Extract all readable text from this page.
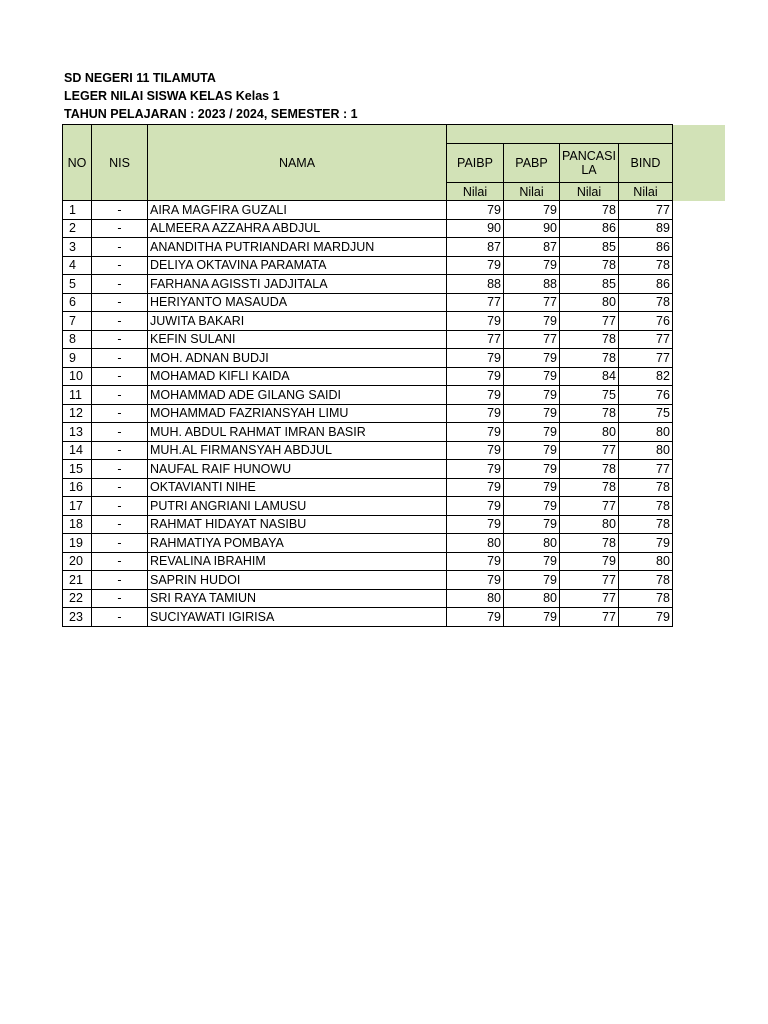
SD NEGERI 11 TILAMUTA
LEGER NILAI SISWA KELAS Kelas 1
TAHUN PELAJARAN : 2023 / 2024, SEMESTER : 1
NO	NIS	NAMA				
			PAIBP	PABP	PANCASI LA	BIND
			Nilai	Nilai	Nilai	Nilai
1	-	AIRA MAGFIRA GUZALI	79	79	78	77
2	-	ALMEERA AZZAHRA ABDJUL	90	90	86	89
3	-	ANANDITHA PUTRIANDARI MARDJUN	87	87	85	86
4	-	DELIYA OKTAVINA PARAMATA	79	79	78	78
5	-	FARHANA AGISSTI JADJITALA	88	88	85	86
6	-	HERIYANTO MASAUDA	77	77	80	78
7	-	JUWITA BAKARI	79	79	77	76
8	-	KEFIN SULANI	77	77	78	77
9	-	MOH. ADNAN BUDJI	79	79	78	77
10	-	MOHAMAD KIFLI KAIDA	79	79	84	82
11	-	MOHAMMAD ADE GILANG SAIDI	79	79	75	76
12	-	MOHAMMAD FAZRIANSYAH LIMU	79	79	78	75
13	-	MUH. ABDUL RAHMAT IMRAN BASIR	79	79	80	80
14	-	MUH.AL FIRMANSYAH ABDJUL	79	79	77	80
15	-	NAUFAL RAIF HUNOWU	79	79	78	77
16	-	OKTAVIANTI NIHE	79	79	78	78
17	-	PUTRI ANGRIANI LAMUSU	79	79	77	78
18	-	RAHMAT HIDAYAT NASIBU	79	79	80	78
19	-	RAHMATIYA POMBAYA	80	80	78	79
20	-	REVALINA IBRAHIM	79	79	79	80
21	-	SAPRIN HUDOI	79	79	77	78
22	-	SRI RAYA TAMIUN	80	80	77	78
23	-	SUCIYAWATI IGIRISA	79	79	77	79
